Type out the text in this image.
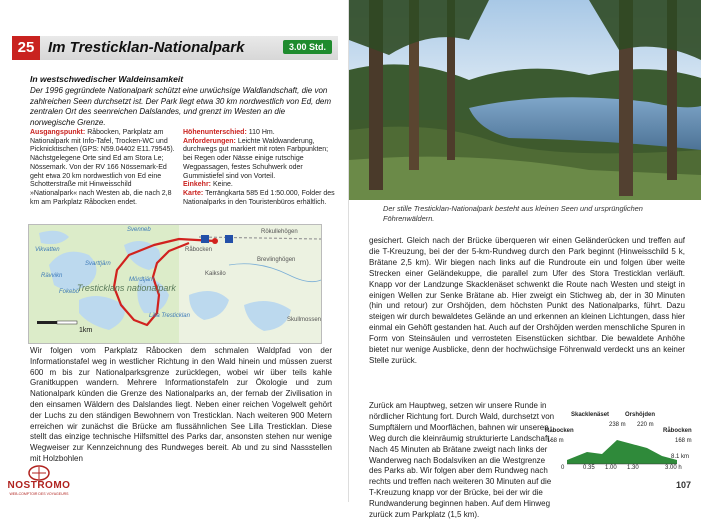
25 Im Tresticklan-Nationalpark	3.00 Std.
In westschwedischer Waldeinsamkeit
Der 1996 gegründete Nationalpark schützt eine urwüchsige Waldlandschaft, die von zahlreichen Seen durchsetzt ist. Der Park liegt etwa 30 km nordwestlich von Ed, dem zentralen Ort des seenreichen Dalslandes, und grenzt im Westen an die norwegische Grenze.
Ausgangspunkt: Råbocken, Parkplatz am Nationalpark mit Info-Tafel, Trocken-WC und Picknicktischen (GPS: N59.04402 E11.79545). Nächstgelegene Orte sind Ed am Stora Le; Nössemark. Von der RV 166 Nössemark-Ed geht etwa 20 km nordwestlich von Ed eine Schotterstraße mit Hinweisschild »Nationalpark« nach Westen ab, die nach 2,8 km am Parkplatz Råbocken endet.
Höhenunterschied: 110 Hm.
Anforderungen: Leichte Waldwanderung, durchwegs gut markiert mit roten Farbpunkten; bei Regen oder Nässe einige rutschige Wegpassagen, festes Schuhwerk oder Gummistiefel sind von Vorteil.
Einkehr: Keine.
Karte: Terrängkarta 585 Ed 1:50.000, Folder des Nationalparks in den Touristenbüros erhältlich.
Tresticklans nationalpark
1km
Vikvatten
Svarttjärn
Rävvikn
Fokebö
Mördtjärn
Svenneb
Lilla Tresticklan
Råbocken
Kaiksilo
Rökullehögen
Brevlinghögen
Skullmossen
Wir folgen vom Parkplatz Råbocken dem schmalen Waldpfad von der Informationstafel weg in westlicher Richtung in den Wald hinein und müssen zuerst 600 m bis zur Nationalparksgrenze zurücklegen, wobei wir über teils kahle Granitkuppen wandern. Mehrere Informationstafeln zur Ökologie und zum Nationalpark künden die Grenze des Nationalparks an, der fernab der Zivilisation in den einsamen Wäldern des Dalslandes liegt. Neben einer reichen Vogelwelt gehört der Luchs zu den ständigen Bewohnern von Tresticklan. Nach weiteren 900 Metern erreichen wir zunächst die Brücke am flussähnlichen See Lilla Tresticklan. Diese stellt das einzige technische Hilfsmittel des Parks dar, ansonsten stehen nur wenige Wegweiser zur Kennzeichnung des Rundweges bereit. Ab und zu sind Nassstellen mit Holzbohlen
NOSTROMO
WEB-COMPTOIR DES VOYAGEURS
Der stille Tresticklan-Nationalpark besteht aus kleinen Seen und ursprünglichen Föhrenwäldern.
gesichert. Gleich nach der Brücke überqueren wir einen Geländerücken und treffen auf die T-Kreuzung, bei der der 5-km-Rundweg durch den Park beginnt (Hinweisschild 5 k, Brätane 2,5 km). Wir biegen nach links auf die Rundroute ein und folgen über weite Strecken einer Geländekuppe, die parallel zum Ufer des Stora Tresticklan verläuft. Knapp vor der Landzunge Skacklenäset schwenkt die Route nach Westen und steigt in einigen Wellen zur Senke Brätane ab. Hier zweigt ein Stichweg ab, der in 30 Minuten (hin und retour) zur Orshöjden, dem höchsten Punkt des Nationalparks, führt. Dazu steigen wir durch bewaldetes Gelände an und erkennen an kleinen Lichtungen, dass hier einmal ein Gehöft gestanden hat. Auch auf der Orshöjden werden menschliche Spuren in Form von Steinsäulen und verrosteten Eisenstücken sichtbar. Die bewaldete Anhöhe bietet nur wenige Ausblicke, denn der hochwüchsige Föhrenwald verdeckt uns an keiner Stelle zurück.
Zurück am Hauptweg, setzen wir unsere Runde in nördlicher Richtung fort. Durch Wald, durchsetzt von Sumpftälern und Moorflächen, bahnen wir unseren Weg durch die kleinräumig strukturierte Landschaft. Nach 45 Minuten ab Brätane zweigt nach links der Wanderweg nach Bodalsviken an die Westgrenze des Parks ab. Wir folgen aber dem Rundweg nach rechts und treffen nach weiteren 30 Minuten auf die T-Kreuzung knapp vor der Brücke, bei der wir die Rundwanderung beginnen haben. Auf dem Hinweg zurück zum Parkplatz (1,5 km).
Skacklenäset	Orshöjden
Råbocken	Råbocken
168 m	168 m
238 m 220 m
0	0.35 1.00 1.30	3.00 h
8.1 km
107
